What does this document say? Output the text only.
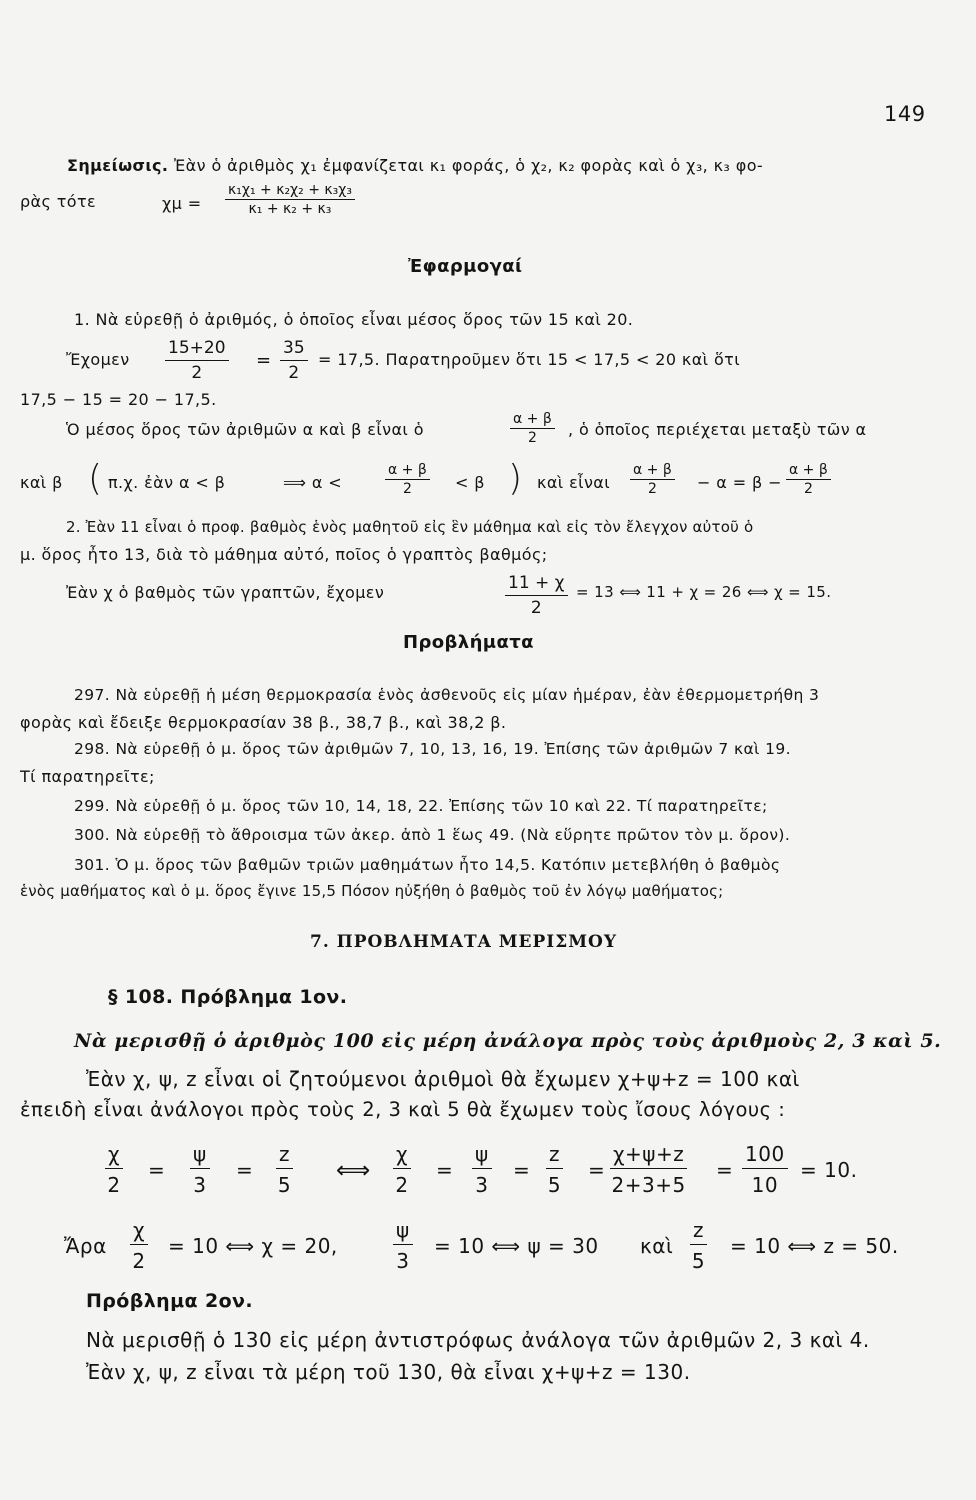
149
Σημείωσις. Ἐὰν ὁ ἀριθμὸς χ₁ ἐμφανίζεται κ₁ φοράς, ὁ χ₂, κ₂ φορὰς καὶ ὁ χ₃, κ₃ φο-
ρὰς τότε	$\chi\mu = \frac{\text{κ₁χ₁ + κ₂χ₂ + κ₃χ₃}}{\text{κ₁ + κ₂ + κ₃}}$
Ἐφαρμογαί
1. Νὰ εὑρεθῇ ὁ ἀριθμός, ὁ ὁποῖος εἶναι μέσος ὅρος τῶν 15 καὶ 20.
Ἔχομεν $\frac{15+20}{2} = \frac{35}{2} = 17,5$. Παρατηροῦμεν ὅτι 15 < 17,5 < 20 καὶ ὅτι
17,5 − 15 = 20 − 17,5.
Ὁ μέσος ὅρος τῶν ἀριθμῶν α καὶ β εἶναι ὁ	$\frac{\alpha + \beta}{2}$ , ὁ ὁποῖος περιέχεται μεταξὺ τῶν α
καὶ β ( π.χ. ἐὰν α < β	⟹ α <	$\frac{\alpha + \beta}{2} < \beta$ ) καὶ εἶναι $\frac{\alpha + \beta}{2} - \alpha = \beta - \frac{\alpha + \beta}{2}$
2. Ἐὰν 11 εἶναι ὁ προφ. βαθμὸς ἑνὸς μαθητοῦ εἰς ἓν μάθημα καὶ εἰς τὸν ἔλεγχον αὐτοῦ ὁ
μ. ὅρος ἦτο 13, διὰ τὸ μάθημα αὐτό, ποῖος ὁ γραπτὸς βαθμός;
Ἐὰν χ ὁ βαθμὸς τῶν γραπτῶν, ἔχομεν	$\frac{11 + \chi}{2} = 13$ ⟺ 11 + χ = 26 ⟺ χ = 15.
Προβλήματα
297. Νὰ εὑρεθῇ ἡ μέση θερμοκρασία ἑνὸς ἀσθενοῦς εἰς μίαν ἡμέραν, ἐὰν ἐθερμομετρήθη 3
φορὰς καὶ ἔδειξε θερμοκρασίαν 38 β., 38,7 β., καὶ 38,2 β.
298. Νὰ εὑρεθῇ ὁ μ. ὅρος τῶν ἀριθμῶν 7, 10, 13, 16, 19. Ἐπίσης τῶν ἀριθμῶν 7 καὶ 19.
Τί παρατηρεῖτε;
299. Νὰ εὑρεθῇ ὁ μ. ὅρος τῶν 10, 14, 18, 22. Ἐπίσης τῶν 10 καὶ 22. Τί παρατηρεῖτε;
300. Νὰ εὑρεθῇ τὸ ἄθροισμα τῶν ἀκερ. ἀπὸ 1 ἕως 49. (Νὰ εὕρητε πρῶτον τὸν μ. ὅρον).
301. Ὁ μ. ὅρος τῶν βαθμῶν τριῶν μαθημάτων ἦτο 14,5. Κατόπιν μετεβλήθη ὁ βαθμὸς
ἑνὸς μαθήματος καὶ ὁ μ. ὅρος ἔγινε 15,5 Πόσον ηὐξήθη ὁ βαθμὸς τοῦ ἐν λόγῳ μαθήματος;
7. ΠΡΟΒΛΗΜΑΤΑ ΜΕΡΙΣΜΟΥ
§ 108. Πρόβλημα 1ον.
Νὰ μερισθῇ ὁ ἀριθμὸς 100 εἰς μέρη ἀνάλογα πρὸς τοὺς ἀριθμοὺς 2, 3 καὶ 5.
Ἐὰν χ, ψ, z εἶναι οἱ ζητούμενοι ἀριθμοὶ θὰ ἔχωμεν χ+ψ+z = 100 καὶ
ἐπειδὴ εἶναι ἀνάλογοι πρὸς τοὺς 2, 3 καὶ 5 θὰ ἔχωμεν τοὺς ἴσους λόγους :
$\frac{\chi}{2} = \frac{\psi}{3} = \frac{z}{5}$ ⟺ $\frac{\chi}{2} = \frac{\psi}{3} = \frac{z}{5} = \frac{\chi+\psi+z}{2+3+5} = \frac{100}{10} = 10$.
Ἄρα $\frac{\chi}{2} = 10$ ⟺ χ = 20,	$\frac{\psi}{3} = 10$ ⟺ ψ = 30 καὶ $\frac{z}{5} = 10$ ⟺ z = 50.
Πρόβλημα 2ον.
Νὰ μερισθῇ ὁ 130 εἰς μέρη ἀντιστρόφως ἀνάλογα τῶν ἀριθμῶν 2, 3 καὶ 4.
Ἐὰν χ, ψ, z εἶναι τὰ μέρη τοῦ 130, θὰ εἶναι χ+ψ+z = 130.
